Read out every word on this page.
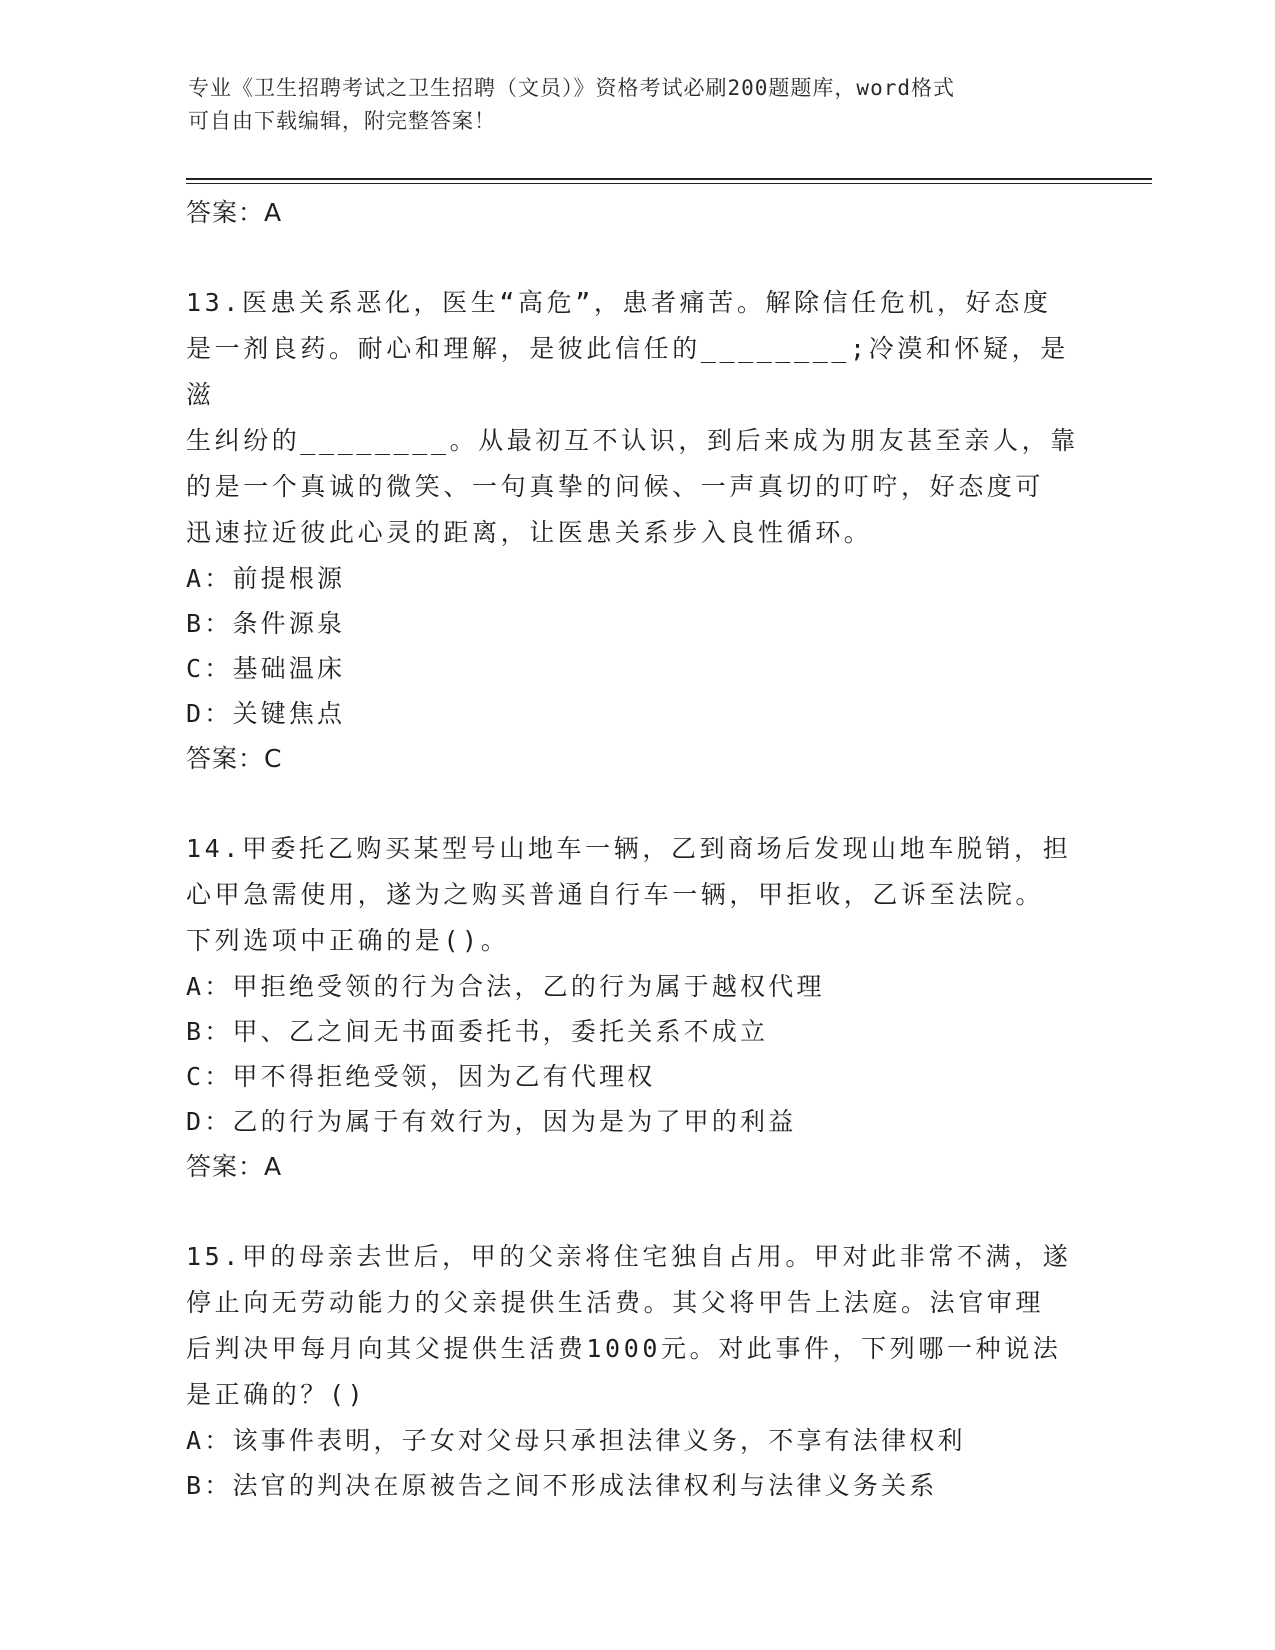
专业《卫生招聘考试之卫生招聘（文员）》资格考试必刷200题题库，word格式
可自由下载编辑，附完整答案！

答案：A

13.医患关系恶化，医生“高危”，患者痛苦。解除信任危机，好态度

是一剂良药。耐心和理解，是彼此信任的________;冷漠和怀疑，是滋

生纠纷的________。从最初互不认识，到后来成为朋友甚至亲人，靠

的是一个真诚的微笑、一句真挚的问候、一声真切的叮咛，好态度可

迅速拉近彼此心灵的距离，让医患关系步入良性循环。

A：前提根源

B：条件源泉

C：基础温床

D：关键焦点

答案：C

14.甲委托乙购买某型号山地车一辆，乙到商场后发现山地车脱销，担

心甲急需使用，遂为之购买普通自行车一辆，甲拒收，乙诉至法院。

下列选项中正确的是()。

A：甲拒绝受领的行为合法，乙的行为属于越权代理

B：甲、乙之间无书面委托书，委托关系不成立

C：甲不得拒绝受领，因为乙有代理权

D：乙的行为属于有效行为，因为是为了甲的利益

答案：A

15.甲的母亲去世后，甲的父亲将住宅独自占用。甲对此非常不满，遂

停止向无劳动能力的父亲提供生活费。其父将甲告上法庭。法官审理

后判决甲每月向其父提供生活费1000元。对此事件，下列哪一种说法

是正确的？()

A：该事件表明，子女对父母只承担法律义务，不享有法律权利

B：法官的判决在原被告之间不形成法律权利与法律义务关系
